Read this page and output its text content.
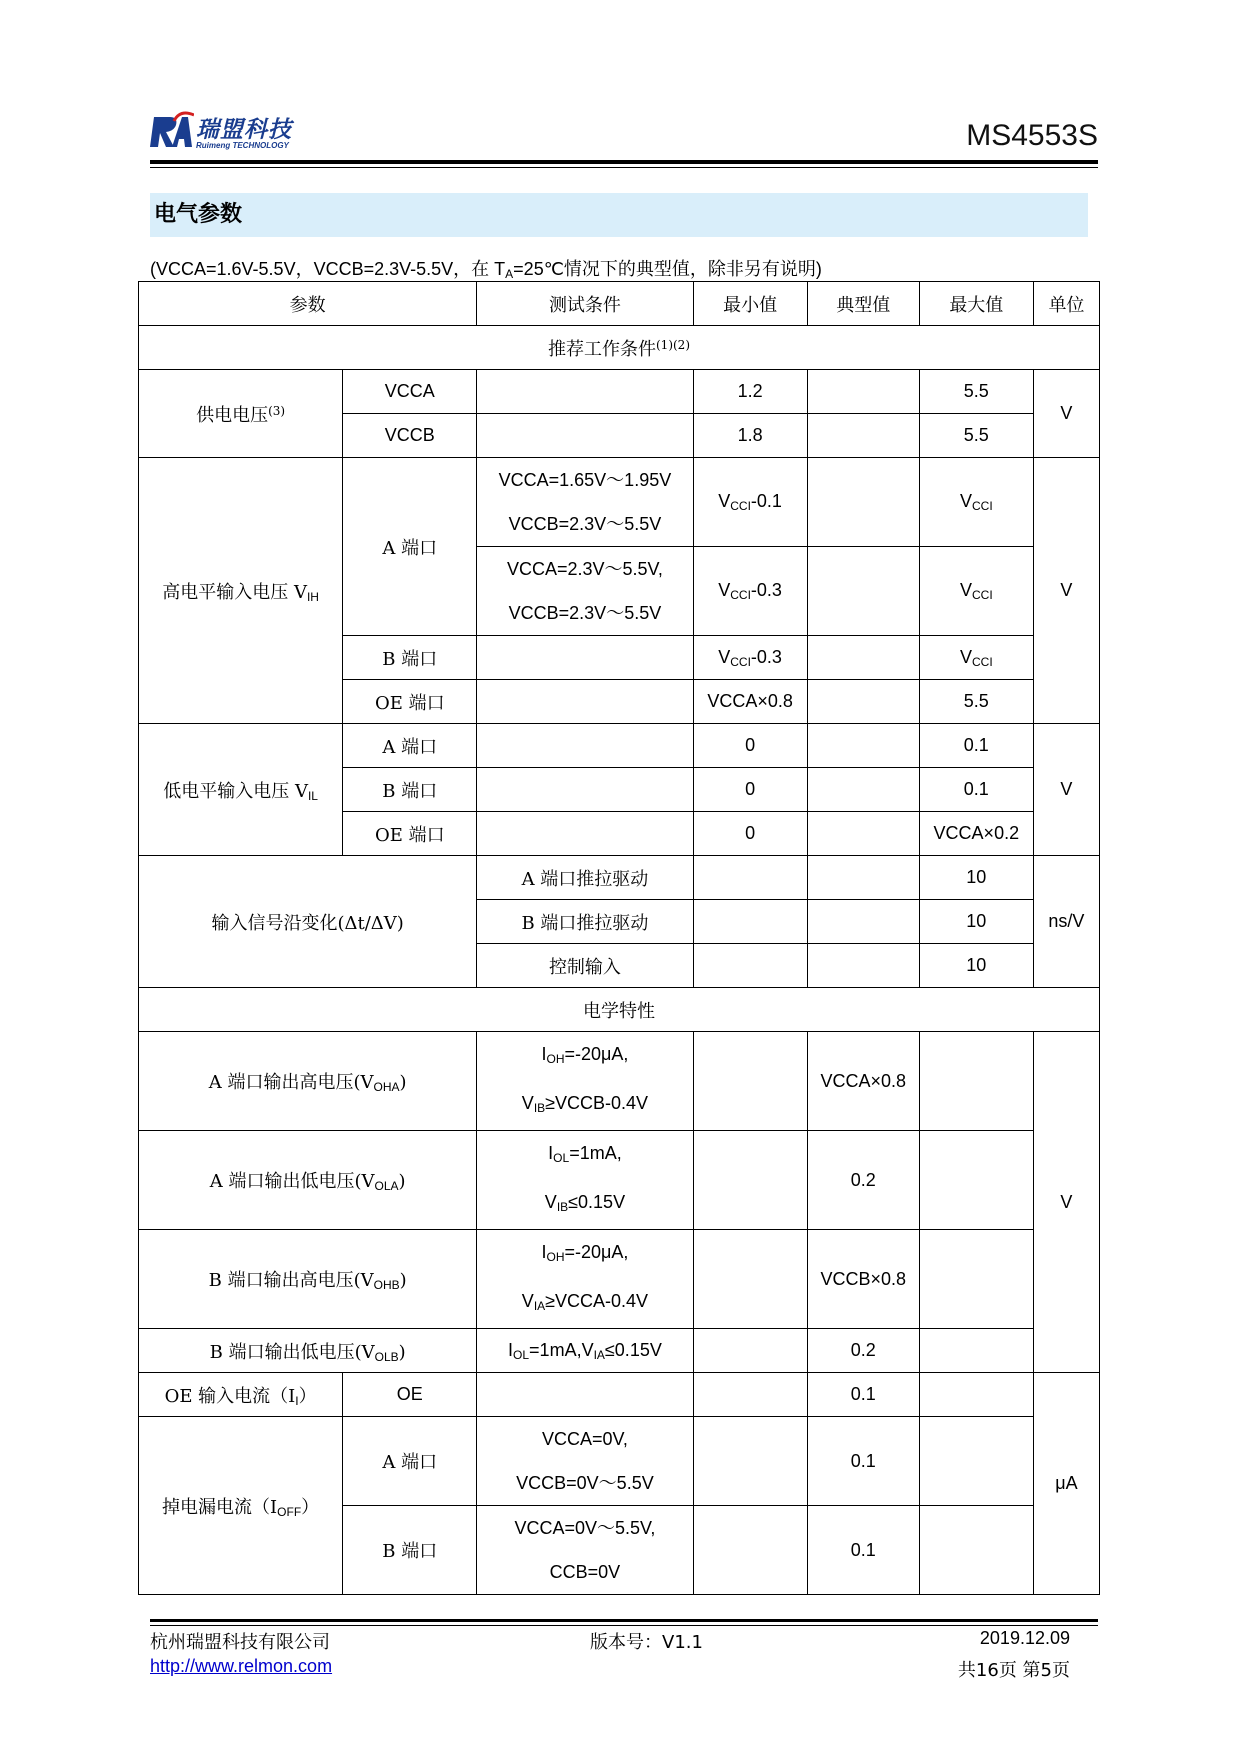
瑞盟科技
Ruimeng TECHNOLOGY	MS4553S
电气参数
(VCCA=1.6V-5.5V，VCCB=2.3V-5.5V，在 $T_A=25℃$情况下的典型值，除非另有说明)
参数		测试条件	最小值	典型值	最大值	单位
推荐工作条件$^{(1)(2)}$
供电电压$^{(3)}$	VCCA		1.2		5.5	V
	VCCB		1.8		5.5	
高电平输入电压 $V_{IH}$	A 端口	VCCA=1.65V～1.95V
VCCB=2.3V～5.5V	$V_{CCI}-0.1$		$V_{CCI}$	V

		VCCA=2.3V～5.5V,
VCCB=2.3V～5.5V	$V_{CCI}-0.3$		$V_{CCI}$
	B 端口		$V_{CCI}-0.3$		$V_{CCI}$
	OE 端口		VCCA×0.8		5.5	
低电平输入电压 $V_{IL}$	A 端口		0		0.1	V
	B 端口		0		0.1	
	OE 端口		0		VCCA×0.2	
输入信号沿变化(Δt/ΔV)		A 端口推拉驱动			10	ns/V
		B 端口推拉驱动			10	
		控制输入			10	
电学特性						
A 端口输出高电压$(V_{OHA})$		$I_{OH}=-20\mu A$,
$V_{IB}\ge VCCB-0.4V$		VCCA×0.8		V
A 端口输出低电压$(V_{OLA})$		$I_{OL}=1mA$,
$V_{IB}\le 0.15V$		0.2		
B 端口输出高电压$(V_{OHB})$		$I_{OH}=-20\mu A$,
$V_{IA}\ge VCCA-0.4V$		VCCB×0.8		
B 端口输出低电压$(V_{OLB})$		$I_{OL}=1mA,V_{IA}\le 0.15V$		0.2		
OE 输入电流$(I_I)$	OE			0.1		μA
掉电漏电流$(I_{OFF})$	A 端口	VCCA=0V,
VCCB=0V～5.5V		0.1		
	B 端口	VCCA=0V～5.5V,
CCB=0V		0.1		
杭州瑞盟科技有限公司
http://www.relmon.com
版本号：V1.1	2019.12.09
共16页 第5页
